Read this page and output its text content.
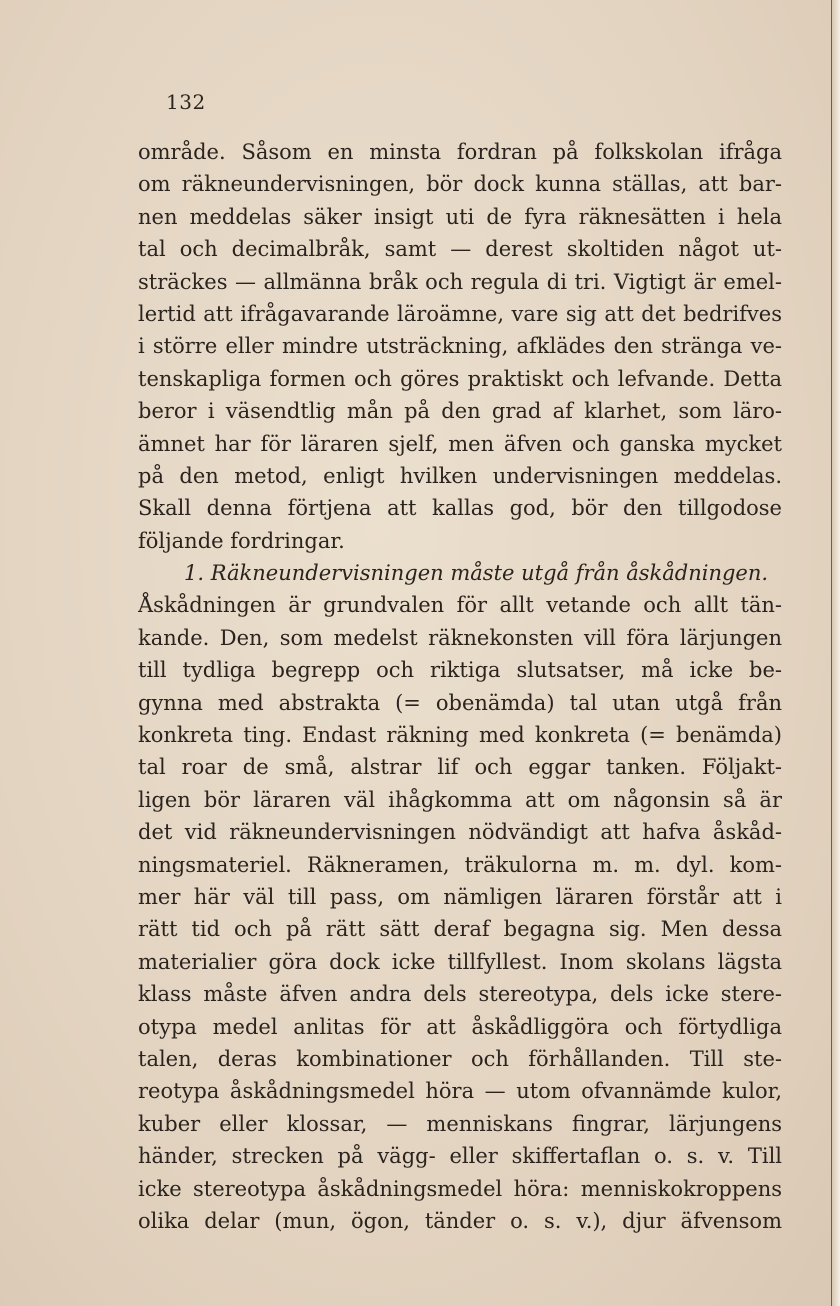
132
område. Såsom en minsta fordran på folkskolan ifråga
om räkneundervisningen, bör dock kunna ställas, att bar-
nen meddelas säker insigt uti de fyra räknesätten i hela
tal och decimalbråk, samt — derest skoltiden något ut-
sträckes — allmänna bråk och regula di tri. Vigtigt är emel-
lertid att ifrågavarande läroämne, vare sig att det bedrifves
i större eller mindre utsträckning, afklädes den stränga ve-
tenskapliga formen och göres praktiskt och lefvande. Detta
beror i väsendtlig mån på den grad af klarhet, som läro-
ämnet har för läraren sjelf, men äfven och ganska mycket
på den metod, enligt hvilken undervisningen meddelas.
Skall denna förtjena att kallas god, bör den tillgodose
följande fordringar.
1. Räkneundervisningen måste utgå från åskådningen.
Åskådningen är grundvalen för allt vetande och allt tän-
kande. Den, som medelst räknekonsten vill föra lärjungen
till tydliga begrepp och riktiga slutsatser, må icke be-
gynna med abstrakta (= obenämda) tal utan utgå från
konkreta ting. Endast räkning med konkreta (= benämda)
tal roar de små, alstrar lif och eggar tanken. Följakt-
ligen bör läraren väl ihågkomma att om någonsin så är
det vid räkneundervisningen nödvändigt att hafva åskåd-
ningsmateriel. Räkneramen, träkulorna m. m. dyl. kom-
mer här väl till pass, om nämligen läraren förstår att i
rätt tid och på rätt sätt deraf begagna sig. Men dessa
materialier göra dock icke tillfyllest. Inom skolans lägsta
klass måste äfven andra dels stereotypa, dels icke stere-
otypa medel anlitas för att åskådliggöra och förtydliga
talen, deras kombinationer och förhållanden. Till ste-
reotypa åskådningsmedel höra — utom ofvannämde kulor,
kuber eller klossar, — menniskans fingrar, lärjungens
händer, strecken på vägg- eller skiffertaflan o. s. v. Till
icke stereotypa åskådningsmedel höra: menniskokroppens
olika delar (mun, ögon, tänder o. s. v.), djur äfvensom
